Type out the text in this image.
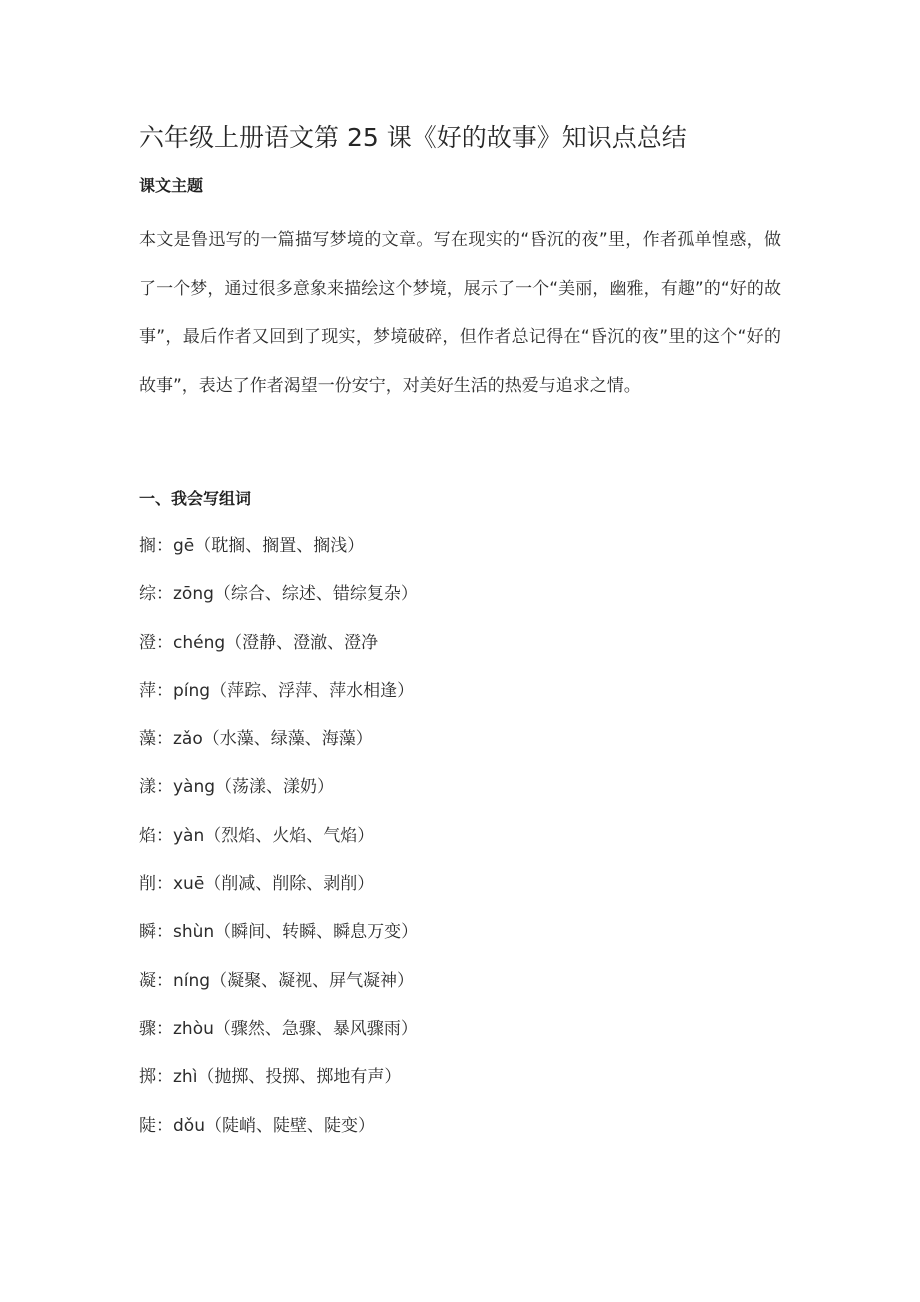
六年级上册语文第 25 课《好的故事》知识点总结
课文主题

本文是鲁迅写的一篇描写梦境的文章。写在现实的“昏沉的夜”里，作者孤单惶惑，做了一个梦，通过很多意象来描绘这个梦境，展示了一个“美丽，幽雅，有趣”的“好的故事”，最后作者又回到了现实，梦境破碎，但作者总记得在“昏沉的夜”里的这个“好的故事”，表达了作者渴望一份安宁，对美好生活的热爱与追求之情。

一、我会写组词
搁：gē（耽搁、搁置、搁浅）
综：zōng（综合、综述、错综复杂）
澄：chéng（澄静、澄澈、澄净
萍：píng（萍踪、浮萍、萍水相逢）
藻：zǎo（水藻、绿藻、海藻）
漾：yàng（荡漾、漾奶）
焰：yàn（烈焰、火焰、气焰）
削：xuē（削减、削除、剥削）
瞬：shùn（瞬间、转瞬、瞬息万变）
凝：níng（凝聚、凝视、屏气凝神）
骤：zhòu（骤然、急骤、暴风骤雨）
掷：zhì（抛掷、投掷、掷地有声）
陡：dǒu（陡峭、陡壁、陡变）
